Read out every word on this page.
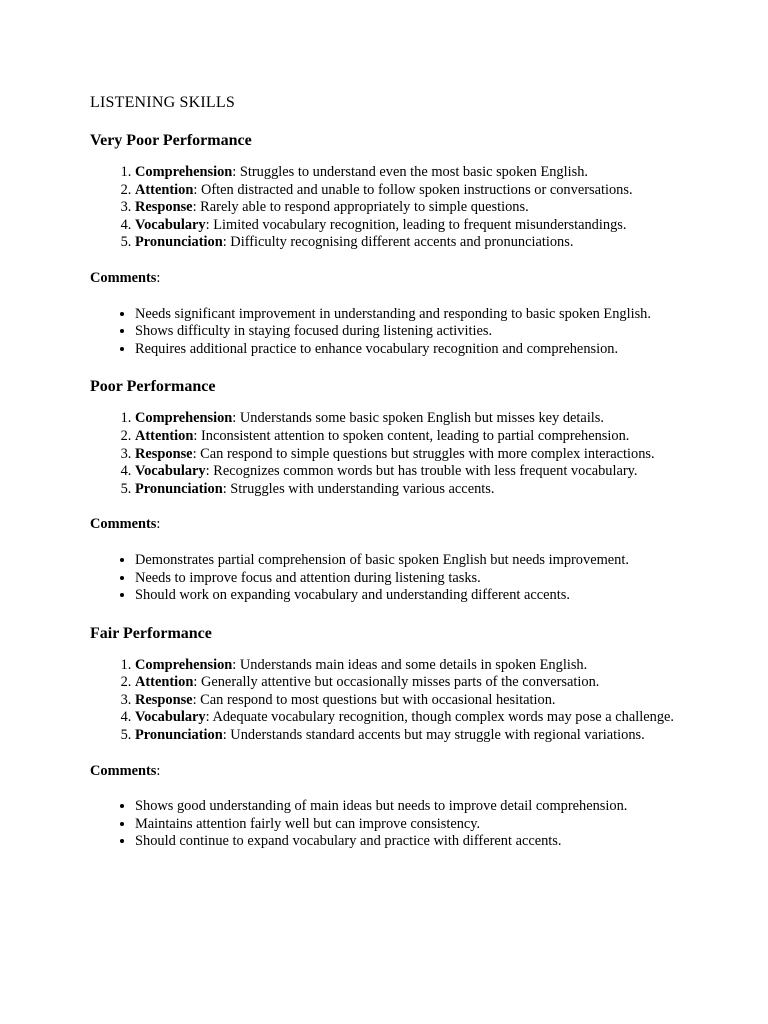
LISTENING SKILLS
Very Poor Performance
1. Comprehension: Struggles to understand even the most basic spoken English.
2. Attention: Often distracted and unable to follow spoken instructions or conversations.
3. Response: Rarely able to respond appropriately to simple questions.
4. Vocabulary: Limited vocabulary recognition, leading to frequent misunderstandings.
5. Pronunciation: Difficulty recognising different accents and pronunciations.
Comments:
• Needs significant improvement in understanding and responding to basic spoken English.
• Shows difficulty in staying focused during listening activities.
• Requires additional practice to enhance vocabulary recognition and comprehension.
Poor Performance
1. Comprehension: Understands some basic spoken English but misses key details.
2. Attention: Inconsistent attention to spoken content, leading to partial comprehension.
3. Response: Can respond to simple questions but struggles with more complex interactions.
4. Vocabulary: Recognizes common words but has trouble with less frequent vocabulary.
5. Pronunciation: Struggles with understanding various accents.
Comments:
• Demonstrates partial comprehension of basic spoken English but needs improvement.
• Needs to improve focus and attention during listening tasks.
• Should work on expanding vocabulary and understanding different accents.
Fair Performance
1. Comprehension: Understands main ideas and some details in spoken English.
2. Attention: Generally attentive but occasionally misses parts of the conversation.
3. Response: Can respond to most questions but with occasional hesitation.
4. Vocabulary: Adequate vocabulary recognition, though complex words may pose a challenge.
5. Pronunciation: Understands standard accents but may struggle with regional variations.
Comments:
• Shows good understanding of main ideas but needs to improve detail comprehension.
• Maintains attention fairly well but can improve consistency.
• Should continue to expand vocabulary and practice with different accents.
